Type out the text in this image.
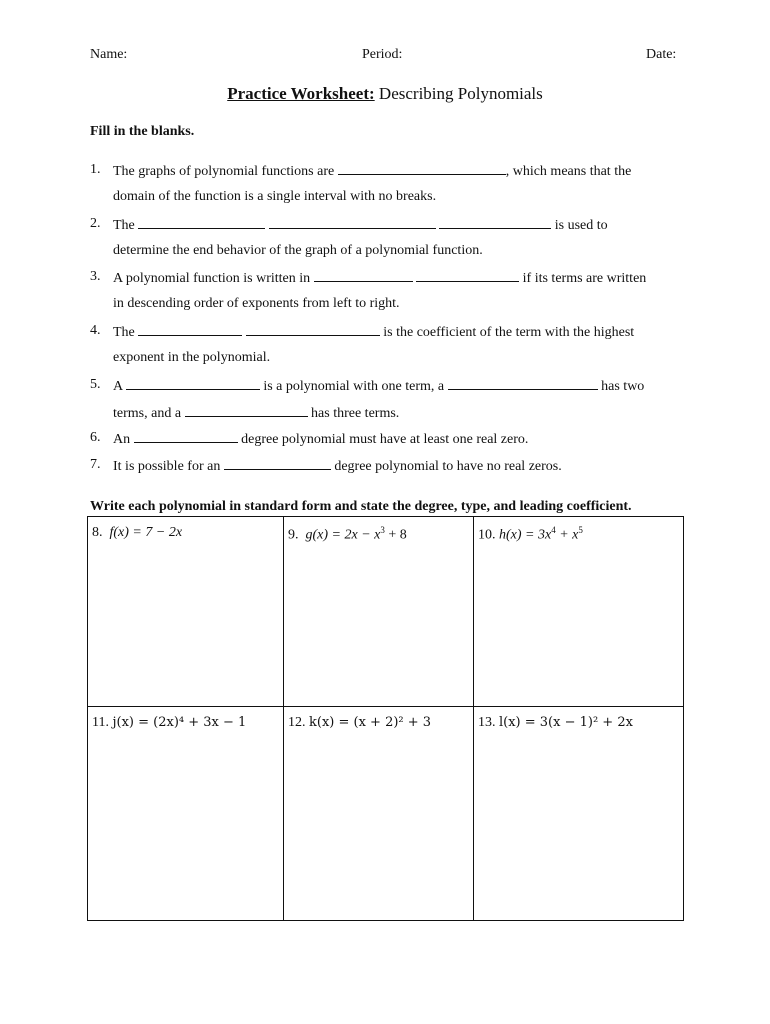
Name:	Period:	Date:
Practice Worksheet: Describing Polynomials
Fill in the blanks.
1. The graphs of polynomial functions are	, which means that the
domain of the function is a single interval with no breaks.
2. The	is used to
determine the end behavior of the graph of a polynomial function.
3. A polynomial function is written in	if its terms are written
in descending order of exponents from left to right.
4. The	is the coefficient of the term with the highest
exponent in the polynomial.
5. A	is a polynomial with one term, a	has two
terms, and a	has three terms.
6. An	degree polynomial must have at least one real zero.
7. It is possible for an	degree polynomial to have no real zeros.
Write each polynomial in standard form and state the degree, type, and leading coefficient.
8. f(x) = 7 − 2x	9. $g(x) = 2x - x^3 + 8$	10. $h(x) = 3x^4 + x^5$
11. j(x) = (2x)⁴ + 3x − 1	12. k(x) = (x + 2)² + 3	13. l(x) = 3(x − 1)² + 2x
